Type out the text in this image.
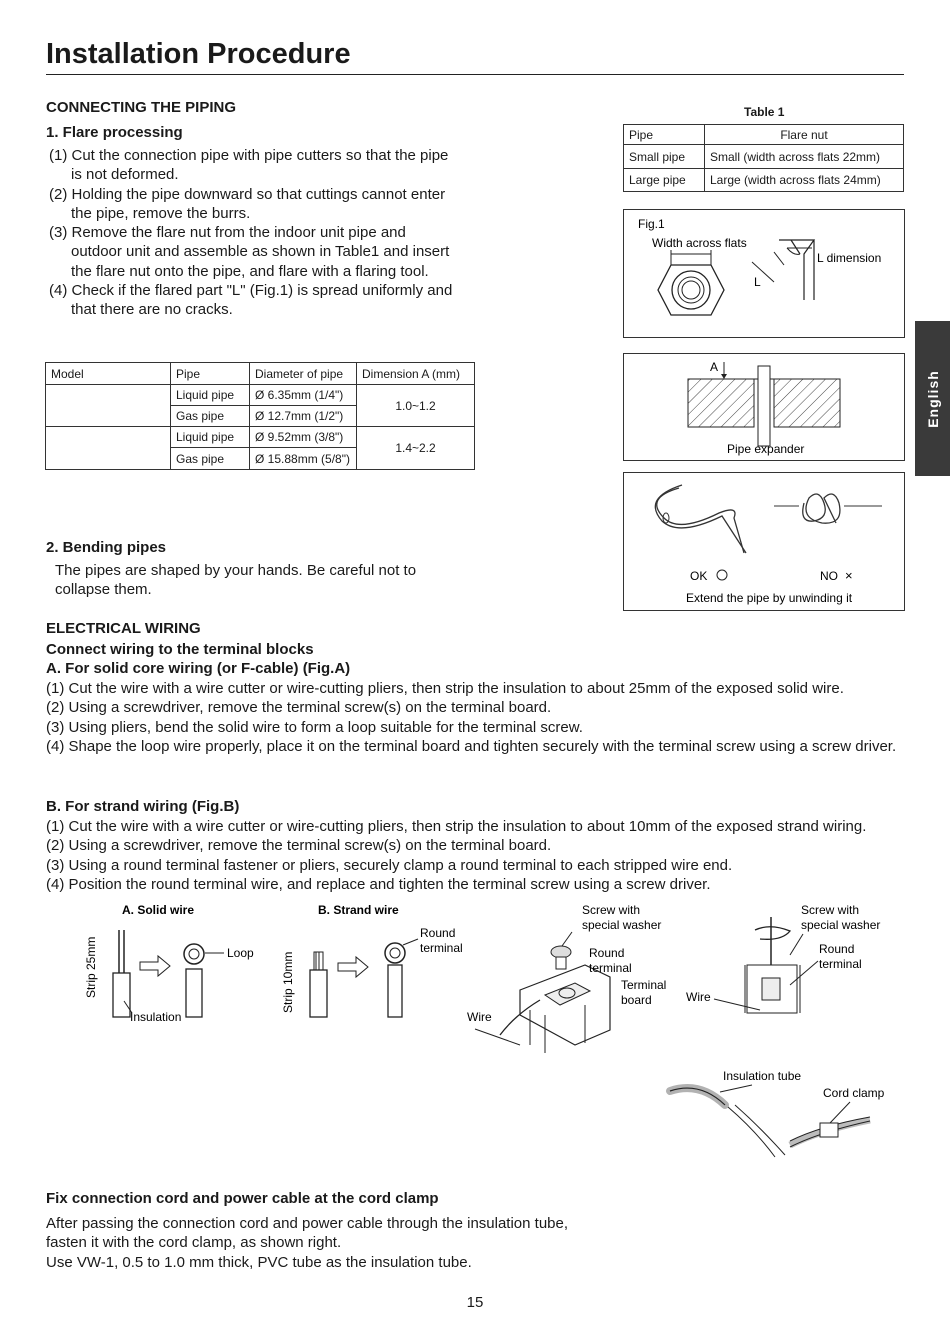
Installation Procedure
English
CONNECTING THE PIPING
1. Flare processing

(1) Cut the connection pipe with pipe cutters so that the pipe is not deformed.

(2) Holding the pipe downward so that cuttings cannot enter the pipe, remove the burrs.

(3) Remove the flare nut from the indoor unit pipe and outdoor unit and assemble as shown in Table1 and insert the flare nut onto the pipe, and flare with a flaring tool.

(4) Check if the flared part "L" (Fig.1) is spread uniformly and that there are no cracks.

Model	Pipe	Diameter of pipe	Dimension A (mm)
	Liquid pipe	Ø 6.35mm (1/4")	1.0~1.2
	Gas pipe	Ø 12.7mm (1/2")	
	Liquid pipe	Ø 9.52mm (3/8")	1.4~2.2
	Gas pipe	Ø 15.88mm (5/8")	
2. Bending pipes
The pipes are shaped by your hands. Be careful not to collapse them.
Table 1
Pipe	Flare nut
Small pipe	Small (width across flats 22mm)
Large pipe	Large (width across flats 24mm)
Fig.1
Width across flats
L
L dimension
A
Pipe expander
OK	NO ×
Extend the pipe by unwinding it
ELECTRICAL WIRING
Connect wiring to the terminal blocks
A. For solid core wiring (or F-cable) (Fig.A)

(1) Cut the wire with a wire cutter or wire-cutting pliers, then strip the insulation to about 25mm of the exposed solid wire.

(2) Using a screwdriver, remove the terminal screw(s) on the terminal board.

(3) Using pliers, bend the solid wire to form a loop suitable for the terminal screw.

(4) Shape the loop wire properly, place it on the terminal board and tighten securely with the terminal screw using a screw driver.

B. For strand wiring (Fig.B)

(1) Cut the wire with a wire cutter or wire-cutting pliers, then strip the insulation to about 10mm of the exposed strand wiring.

(2) Using a screwdriver, remove the terminal screw(s) on the terminal board.

(3) Using a round terminal fastener or pliers, securely clamp a round terminal to each stripped wire end.

(4) Position the round terminal wire, and replace and tighten the terminal screw using a screw driver.

A. Solid wire	B. Strand wire
Strip 25mm
Insulation
Loop Strip 10mm
Round
terminal
Screw with
special washer
Round
terminal
Terminal
board
Wire
Screw with
special washer
Round
terminal
Wire
Insulation tube
Cord clamp
Fix connection cord and power cable at the cord clamp
After passing the connection cord and power cable through the insulation tube,
fasten it with the cord clamp, as shown right.
Use VW-1, 0.5 to 1.0 mm thick, PVC tube as the insulation tube.
15
